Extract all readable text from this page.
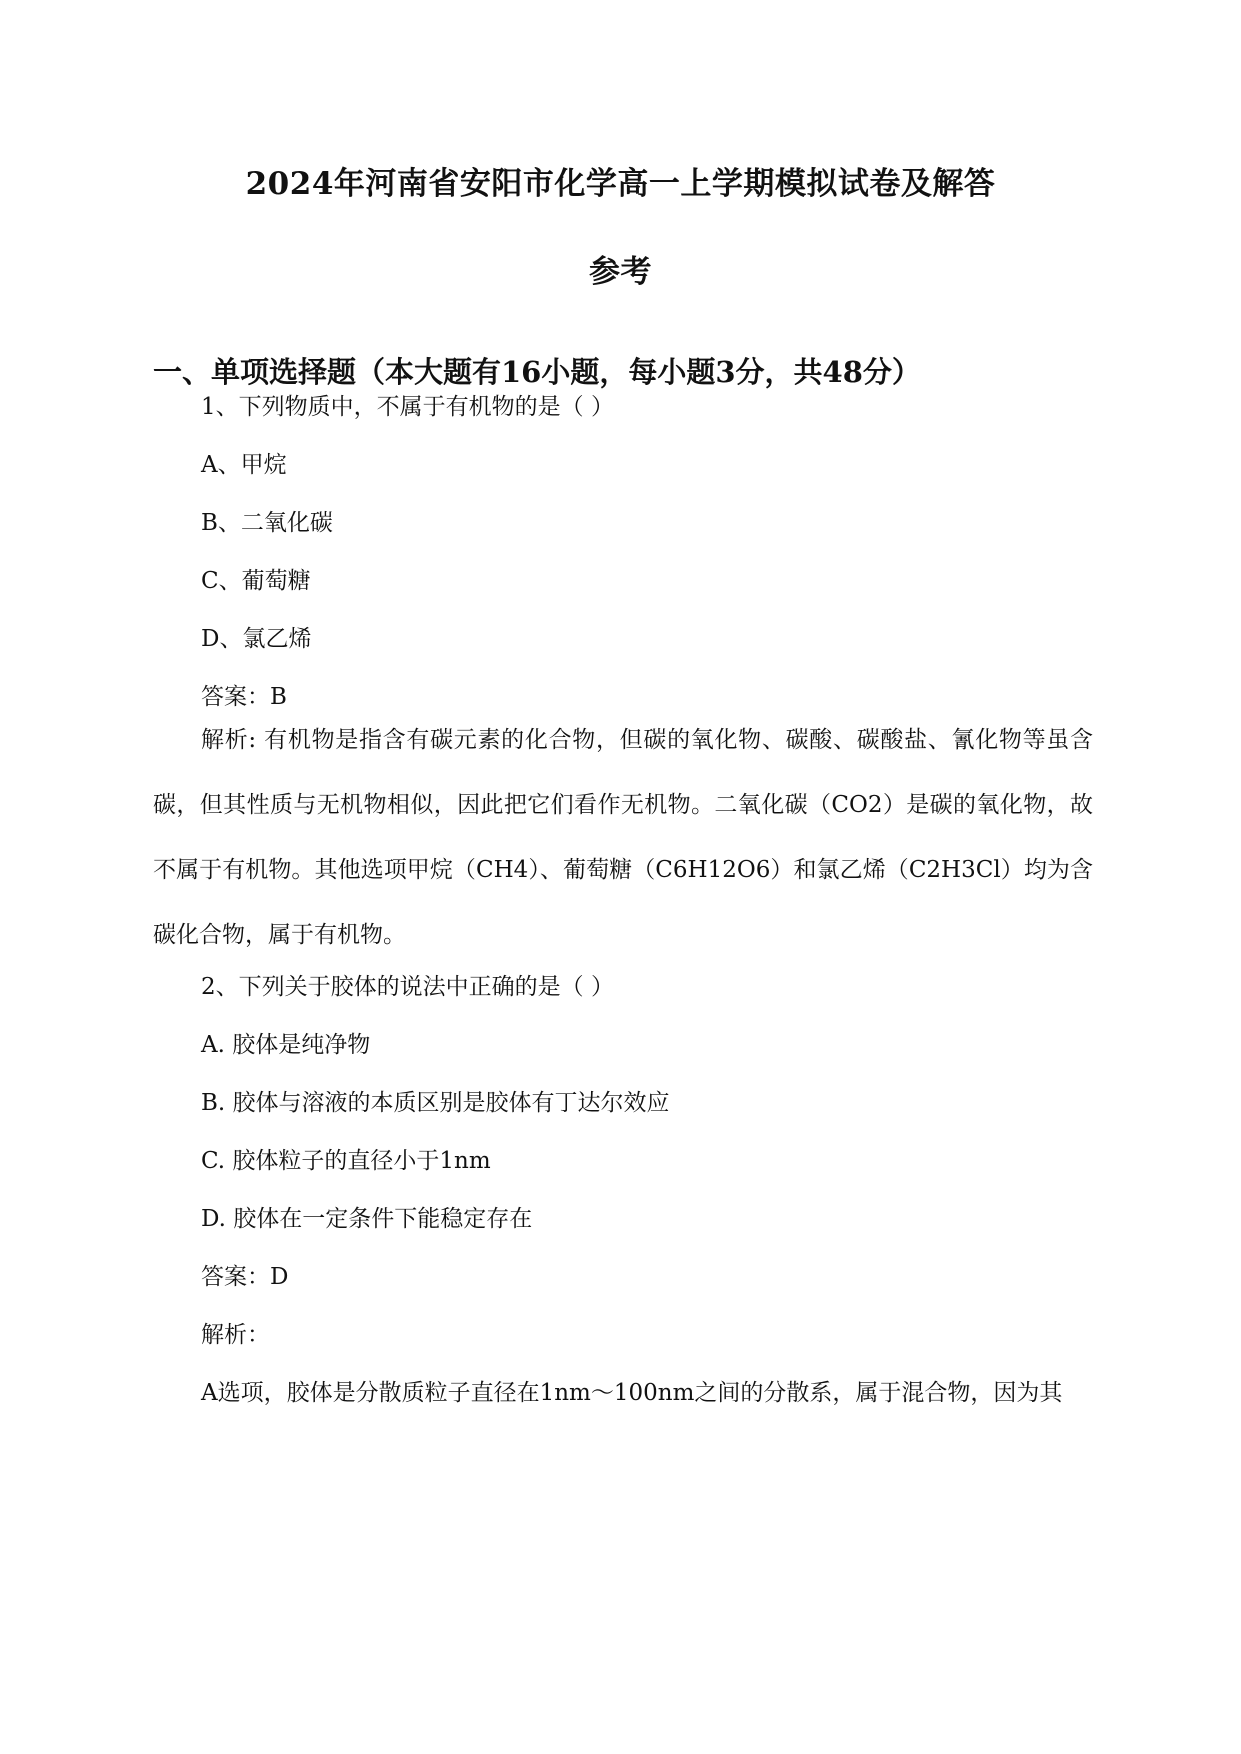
2024年河南省安阳市化学高一上学期模拟试卷及解答
参考
一、单项选择题（本大题有16小题，每小题3分，共48分）
1、下列物质中，不属于有机物的是（ ）
A、甲烷
B、二氧化碳
C、葡萄糖
D、氯乙烯
答案：B
解析: 有机物是指含有碳元素的化合物，但碳的氧化物、碳酸、碳酸盐、氰化物等虽含碳，但其性质与无机物相似，因此把它们看作无机物。二氧化碳（CO2）是碳的氧化物，故不属于有机物。其他选项甲烷（CH4）、葡萄糖（C6H12O6）和氯乙烯（C2H3Cl）均为含碳化合物，属于有机物。
2、下列关于胶体的说法中正确的是（ ）
A. 胶体是纯净物
B. 胶体与溶液的本质区别是胶体有丁达尔效应
C. 胶体粒子的直径小于1nm
D. 胶体在一定条件下能稳定存在
答案：D
解析：
A选项，胶体是分散质粒子直径在1nm～100nm之间的分散系，属于混合物，因为其
